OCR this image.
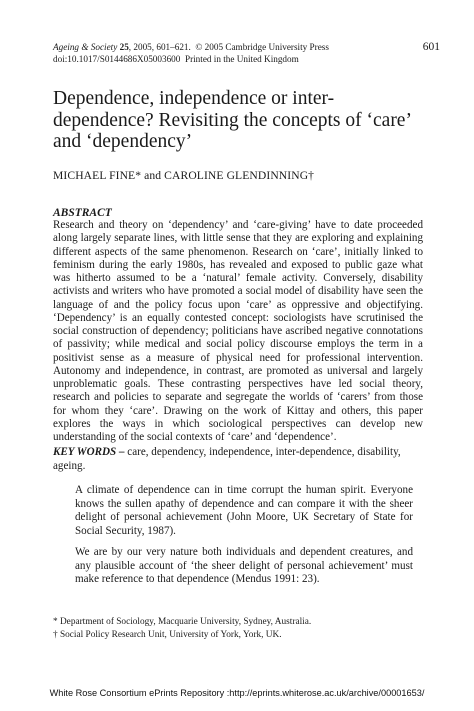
Ageing & Society 25, 2005, 601–621. © 2005 Cambridge University Press
doi:10.1017/S0144686X05003600 Printed in the United Kingdom
601
Dependence, independence or inter-dependence? Revisiting the concepts of ‘care’ and ‘dependency’
MICHAEL FINE* and CAROLINE GLENDINNING†
ABSTRACT

Research and theory on ‘dependency’ and ‘care-giving’ have to date proceeded along largely separate lines, with little sense that they are exploring and explaining different aspects of the same phenomenon. Research on ‘care’, initially linked to feminism during the early 1980s, has revealed and exposed to public gaze what was hitherto assumed to be a ‘natural’ female activity. Conversely, disability activists and writers who have promoted a social model of disability have seen the language of and the policy focus upon ‘care’ as oppressive and objectifying. ‘Dependency’ is an equally contested concept: sociologists have scrutinised the social construction of dependency; politicians have ascribed negative connotations of passivity; while medical and social policy discourse employs the term in a positivist sense as a measure of physical need for professional intervention. Autonomy and independence, in contrast, are promoted as universal and largely unproblematic goals. These contrasting perspectives have led social theory, research and policies to separate and segregate the worlds of ‘carers’ from those for whom they ‘care’. Drawing on the work of Kittay and others, this paper explores the ways in which sociological perspectives can develop new understanding of the social contexts of ‘care’ and ‘dependence’.

KEY WORDS – care, dependency, independence, inter-dependence, disability, ageing.

A climate of dependence can in time corrupt the human spirit. Everyone knows the sullen apathy of dependence and can compare it with the sheer delight of personal achievement (John Moore, UK Secretary of State for Social Security, 1987).

We are by our very nature both individuals and dependent creatures, and any plausible account of ‘the sheer delight of personal achievement’ must make reference to that dependence (Mendus 1991: 23).

* Department of Sociology, Macquarie University, Sydney, Australia.
† Social Policy Research Unit, University of York, York, UK.
White Rose Consortium ePrints Repository :http://eprints.whiterose.ac.uk/archive/00001653/
